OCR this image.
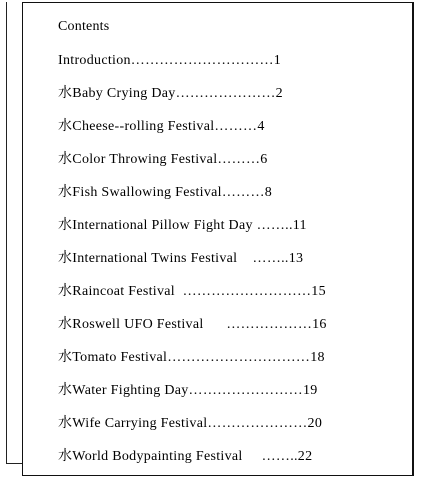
Contents
Introduction…………………………1
水Baby Crying Day…………………2
水Cheese--rolling Festival………4
水Color Throwing Festival………6
水Fish Swallowing Festival………8
水International Pillow Fight Day ……..11
水International Twins Festival    ……..13
水Raincoat Festival  ………………………15
水Roswell UFO Festival      ………………16
水Tomato Festival…………………………18
水Water Fighting Day……………………19
水Wife Carrying Festival…………………20
水World Bodypainting Festival     ……..22
